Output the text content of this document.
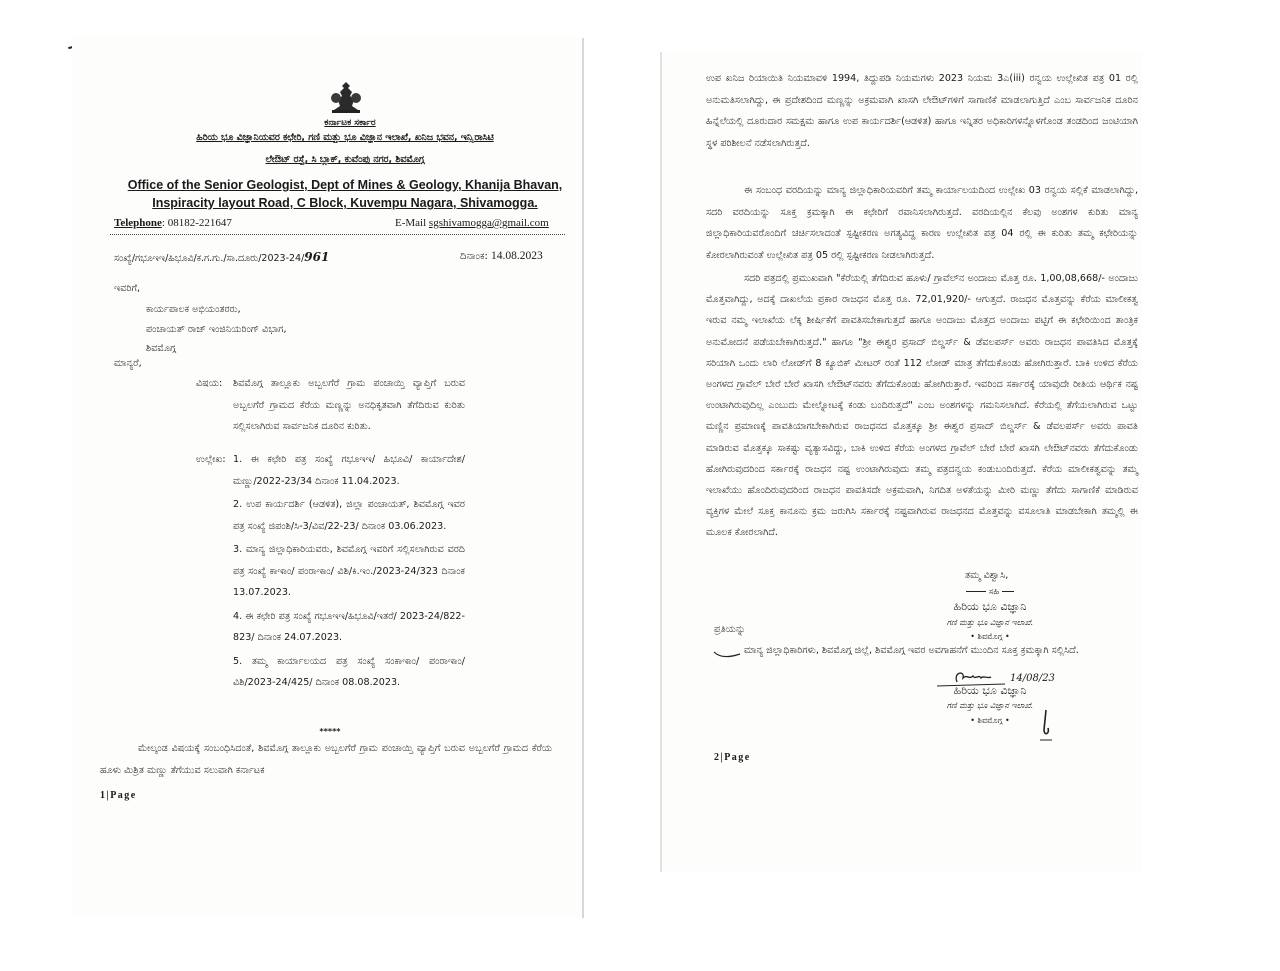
ಕರ್ನಾಟಕ ಸರ್ಕಾರ
ಹಿರಿಯ ಭೂ ವಿಜ್ಞಾನಿಯವರ ಕಛೇರಿ, ಗಣಿ ಮತ್ತು ಭೂ ವಿಜ್ಞಾನ ಇಲಾಖೆ, ಖನಿಜ ಭವನ, ಇನ್ಸ್ಪಿರಾಸಿಟಿ
ಲೇಔಟ್ ರಸ್ತೆ, ಸಿ ಬ್ಲಾಕ್, ಕುವೆಂಪು ನಗರ, ಶಿವಮೊಗ್ಗ
Office of the Senior Geologist, Dept of Mines & Geology, Khanija Bhavan,
Inspiracity layout Road, C Block, Kuvempu Nagara, Shivamogga.
Telephone: 08182-221647	E-Mail sgshivamogga@gmail.com
ಸಂಖ್ಯೆ/ಗಭೂಇಇ/ಹಿಭೂವಿ/ಕ.ಗ.ಗು./ಸಾ.ದೂರು/2023-24/961	ದಿನಾಂಕ: 14.08.2023
ಇವರಿಗೆ,
ಕಾರ್ಯಪಾಲಕ ಅಭಿಯಂತರರು,
ಪಂಚಾಯತ್ ರಾಜ್ ಇಂಜಿನಿಯರಿಂಗ್ ವಿಭಾಗ,
ಶಿವಮೊಗ್ಗ
ಮಾನ್ಯರೆ,
ವಿಷಯ: ಶಿವಮೊಗ್ಗ ತಾಲ್ಲೂಕು ಅಬ್ಬಲಗೆರೆ ಗ್ರಾಮ ಪಂಚಾಯ್ತಿ ವ್ಯಾಪ್ತಿಗೆ ಬರುವ ಅಬ್ಬಲಗೆರೆ ಗ್ರಾಮದ ಕೆರೆಯ ಮಣ್ಣನ್ನು ಅನಧಿಕೃತವಾಗಿ ತೆಗೆದಿರುವ ಕುರಿತು ಸಲ್ಲಿಸಲಾಗಿರುವ ಸಾರ್ವಜನಿಕ ದೂರಿನ ಕುರಿತು.
ಉಲ್ಲೇಖ: 1. ಈ ಕಛೇರಿ ಪತ್ರ ಸಂಖ್ಯೆ ಗಭೂಇಇ/ ಹಿಭೂವಿ/ ಕಾರ್ಯಾದೇಶ/ ಮಣ್ಣು/2022-23/34 ದಿನಾಂಕ 11.04.2023.

2. ಉಪ ಕಾರ್ಯದರ್ಶಿ (ಆಡಳಿತ), ಜಿಲ್ಲಾ ಪಂಚಾಯತ್, ಶಿವಮೊಗ್ಗ ಇವರ ಪತ್ರ ಸಂಖ್ಯೆ ಜಿಪಂಶಿ/ಸಿ-3/ವಿವ/22-23/ ದಿನಾಂಕ 03.06.2023.

3. ಮಾನ್ಯ ಜಿಲ್ಲಾಧಿಕಾರಿಯವರು, ಶಿವಮೊಗ್ಗ ಇವರಿಗೆ ಸಲ್ಲಿಸಲಾಗಿರುವ ವರದಿ ಪತ್ರ ಸಂಖ್ಯೆ ಕಾಇಾಂ/ ಪಂರಾಇಾಂ/ ವಿಶಿ/ಕಿ.ಇಂ./2023-24/323 ದಿನಾಂಕ 13.07.2023.

4. ಈ ಕಛೇರಿ ಪತ್ರ ಸಂಖ್ಯೆ ಗಭೂಇಇ/ಹಿಭೂವಿ/ಇತರೆ/ 2023-24/822-823/ ದಿನಾಂಕ 24.07.2023.

5. ತಮ್ಮ ಕಾರ್ಯಾಲಯದ ಪತ್ರ ಸಂಖ್ಯೆ ಸಂಕಾಇಾಂ/ ಪಂರಾಇಾಂ/ವಿಶಿ/2023-24/425/ ದಿನಾಂಕ 08.08.2023.

*****
ಮೇಲ್ಕಂಡ ವಿಷಯಕ್ಕೆ ಸಂಬಂಧಿಸಿದಂತೆ, ಶಿವಮೊಗ್ಗ ತಾಲ್ಲೂಕು ಅಬ್ಬಲಗೆರೆ ಗ್ರಾಮ ಪಂಚಾಯ್ತಿ ವ್ಯಾಪ್ತಿಗೆ ಬರುವ ಅಬ್ಬಲಗೆರೆ ಗ್ರಾಮದ ಕೆರೆಯ ಹೂಳು ಮಿಶ್ರಿತ ಮಣ್ಣು ತೆಗೆಯುವ ಸಲುವಾಗಿ ಕರ್ನಾಟಕ
1|Page
ಉಪ ಖನಿಜ ರಿಯಾಯಿತಿ ನಿಯಮಾವಳಿ 1994, ತಿದ್ದುಪಡಿ ನಿಯಮಗಳು 2023 ನಿಯಮ 3ಎ(iii) ರನ್ವಯ ಉಲ್ಲೇಖಿತ ಪತ್ರ 01 ರಲ್ಲಿ ಅನುಮತಿಸಲಾಗಿದ್ದು, ಈ ಪ್ರದೇಶದಿಂದ ಮಣ್ಣನ್ನು ಅಕ್ರಮವಾಗಿ ಖಾಸಗಿ ಲೇಔಟ್‌ಗಳಿಗೆ ಸಾಗಾಣಿಕೆ ಮಾಡಲಾಗುತ್ತಿದೆ ಎಂಬ ಸಾರ್ವಜನಿಕ ದೂರಿನ ಹಿನ್ನೆಲೆಯಲ್ಲಿ ದೂರುದಾರ ಸಮಕ್ಷಮ ಹಾಗೂ ಉಪ ಕಾರ್ಯದರ್ಶಿ(ಆಡಳಿತ) ಹಾಗೂ ಇನ್ನಿತರ ಅಧಿಕಾರಿಗಳನ್ನೊಳಗೊಂಡ ತಂಡದಿಂದ ಜಂಟಿಯಾಗಿ ಸ್ಥಳ ಪರಿಶೀಲನೆ ನಡೆಸಲಾಗಿರುತ್ತದೆ.
ಈ ಸಂಬಂಧ ವರದಿಯನ್ನು ಮಾನ್ಯ ಜಿಲ್ಲಾಧಿಕಾರಿಯವರಿಗೆ ತಮ್ಮ ಕಾರ್ಯಾಲಯದಿಂದ ಉಲ್ಲೇಖ 03 ರನ್ವಯ ಸಲ್ಲಿಕೆ ಮಾಡಲಾಗಿದ್ದು, ಸದರಿ ವರದಿಯನ್ನು ಸೂಕ್ತ ಕ್ರಮಕ್ಕಾಗಿ ಈ ಕಛೇರಿಗೆ ರವಾನಿಸಲಾಗಿರುತ್ತದೆ. ವರದಿಯಲ್ಲಿನ ಕೆಲವು ಅಂಶಗಳ ಕುರಿತು ಮಾನ್ಯ ಜಿಲ್ಲಾಧಿಕಾರಿಯವರೊಂದಿಗೆ ಚರ್ಚಿಸಲಾದಂತೆ ಸ್ಪಷ್ಟೀಕರಣ ಅಗತ್ಯವಿದ್ದ ಕಾರಣ ಉಲ್ಲೇಖಿತ ಪತ್ರ 04 ರಲ್ಲಿ ಈ ಕುರಿತು ತಮ್ಮ ಕಛೇರಿಯನ್ನು ಕೋರಲಾಗಿರುವಂತೆ ಉಲ್ಲೇಖಿತ ಪತ್ರ 05 ರಲ್ಲಿ ಸ್ಪಷ್ಟೀಕರಣ ನೀಡಲಾಗಿರುತ್ತದೆ.
ಸದರಿ ಪತ್ರದಲ್ಲಿ ಪ್ರಮುಖವಾಗಿ "ಕೆರೆಯಲ್ಲಿ ತೆಗೆದಿರುವ ಹೂಳು/ ಗ್ರಾವೆಲ್‌ನ ಅಂದಾಜು ಮೊತ್ತ ರೂ. 1,00,08,668/- ಅಂದಾಜು ಮೊತ್ತವಾಗಿದ್ದು, ಅದಕ್ಕೆ ದಾಖಲೆಯ ಪ್ರಕಾರ ರಾಜಧನ ಮೊತ್ತ ರೂ. 72,01,920/- ಆಗುತ್ತದೆ. ರಾಜಧನ ಮೊತ್ತವನ್ನು ಕೆರೆಯ ಮಾಲೀಕತ್ವ ಇರುವ ನಮ್ಮ ಇಲಾಖೆಯ ಲೆಕ್ಕ ಶೀರ್ಷಿಕೆಗೆ ಪಾವತಿಸಬೇಕಾಗುತ್ತದೆ ಹಾಗೂ ಅಂದಾಜು ಮೊತ್ತದ ಅಂದಾಜು ಪಟ್ಟಿಗೆ ಈ ಕಛೇರಿಯಿಂದ ತಾಂತ್ರಿಕ ಅನುಮೋದನೆ ಪಡೆಯಬೇಕಾಗಿರುತ್ತದೆ." ಹಾಗೂ "ಶ್ರೀ ಈಶ್ವರ ಪ್ರಸಾದ್ ಬಿಲ್ಡರ್ಸ್ & ಡೆವಲಪರ್ಸ್ ಅವರು ರಾಜಧನ ಪಾವತಿಸಿದ ಮೊತ್ತಕ್ಕೆ ಸರಿಯಾಗಿ ಒಂದು ಲಾರಿ ಲೋಡ್‌ಗೆ 8 ಕ್ಯೂಬಿಕ್ ಮೀಟರ್ ರಂತೆ 112 ಲೋಡ್ ಮಾತ್ರ ತೆಗೆದುಕೊಂಡು ಹೋಗಿರುತ್ತಾರೆ. ಬಾಕಿ ಉಳಿದ ಕೆರೆಯ ಅಂಗಳದ ಗ್ರಾವೆಲ್ ಬೇರೆ ಬೇರೆ ಖಾಸಗಿ ಲೇಔಟ್‌ನವರು ತೆಗೆದುಕೊಂಡು ಹೋಗಿರುತ್ತಾರೆ. ಇವರಿಂದ ಸರ್ಕಾರಕ್ಕೆ ಯಾವುದೇ ರೀತಿಯ ಆರ್ಥಿಕ ನಷ್ಟ ಉಂಟಾಗಿರುವುದಿಲ್ಲ ಎಂಬುದು ಮೇಲ್ನೋಟಕ್ಕೆ ಕಂಡು ಬಂದಿರುತ್ತದೆ" ಎಂಬ ಅಂಶಗಳನ್ನು ಗಮನಿಸಲಾಗಿದೆ. ಕೆರೆಯಲ್ಲಿ ತೆಗೆಯಲಾಗಿರುವ ಒಟ್ಟು ಮಣ್ಣಿನ ಪ್ರಮಾಣಕ್ಕೆ ಪಾವತಿಯಾಗಬೇಕಾಗಿರುವ ರಾಜಧನದ ಮೊತ್ತಕ್ಕೂ ಶ್ರೀ ಈಶ್ವರ ಪ್ರಸಾದ್ ಬಿಲ್ಡರ್ಸ್ & ಡೆವಲಪರ್ಸ್ ಅವರು ಪಾವತಿ ಮಾಡಿರುವ ಮೊತ್ತಕ್ಕೂ ಸಾಕಷ್ಟು ವ್ಯತ್ಯಾಸವಿದ್ದು, ಬಾಕಿ ಉಳಿದ ಕೆರೆಯ ಅಂಗಳದ ಗ್ರಾವೆಲ್ ಬೇರೆ ಬೇರೆ ಖಾಸಗಿ ಲೇಔಟ್‌ನವರು ತೆಗೆದುಕೊಂಡು ಹೋಗಿರುವುದರಿಂದ ಸರ್ಕಾರಕ್ಕೆ ರಾಜಧನ ನಷ್ಟ ಉಂಟಾಗಿರುವುದು ತಮ್ಮ ಪತ್ರದನ್ವಯ ಕಂಡುಬಂದಿರುತ್ತದೆ. ಕೆರೆಯ ಮಾಲೀಕತ್ವವನ್ನು ತಮ್ಮ ಇಲಾಖೆಯು ಹೊಂದಿರುವುದರಿಂದ ರಾಜಧನ ಪಾವತಿಸದೇ ಅಕ್ರಮವಾಗಿ, ನಿಗದಿತ ಅಳತೆಯನ್ನು ಮೀರಿ ಮಣ್ಣು ತೆಗೆದು ಸಾಗಾಣಿಕೆ ಮಾಡಿರುವ ವ್ಯಕ್ತಿಗಳ ಮೇಲೆ ಸೂಕ್ತ ಕಾನೂನು ಕ್ರಮ ಜರುಗಿಸಿ ಸರ್ಕಾರಕ್ಕೆ ನಷ್ಟವಾಗಿರುವ ರಾಜಧನದ ಮೊತ್ತವನ್ನು ವಸೂಲಾತಿ ಮಾಡಬೇಕಾಗಿ ತಮ್ಮಲ್ಲಿ ಈ ಮೂಲಕ ಕೋರಲಾಗಿದೆ.
ತಮ್ಮ ವಿಶ್ವಾಸಿ,
ಸಹಿ
ಹಿರಿಯ ಭೂ ವಿಜ್ಞಾನಿ
ಗಣಿ ಮತ್ತು ಭೂ ವಿಜ್ಞಾನ ಇಲಾಖೆ.
• ಶಿವಮೊಗ್ಗ •
ಪ್ರತಿಯನ್ನು
ಮಾನ್ಯ ಜಿಲ್ಲಾಧಿಕಾರಿಗಳು, ಶಿವಮೊಗ್ಗ ಜಿಲ್ಲೆ, ಶಿವಮೊಗ್ಗ ಇವರ ಅವಗಾಹನೆಗೆ ಮುಂದಿನ ಸೂಕ್ತ ಕ್ರಮಕ್ಕಾಗಿ ಸಲ್ಲಿಸಿದೆ.
14/08/23
ಹಿರಿಯ ಭೂ ವಿಜ್ಞಾನಿ
ಗಣಿ ಮತ್ತು ಭೂ ವಿಜ್ಞಾನ ಇಲಾಖೆ.
• ಶಿವಮೊಗ್ಗ •
2|Page
